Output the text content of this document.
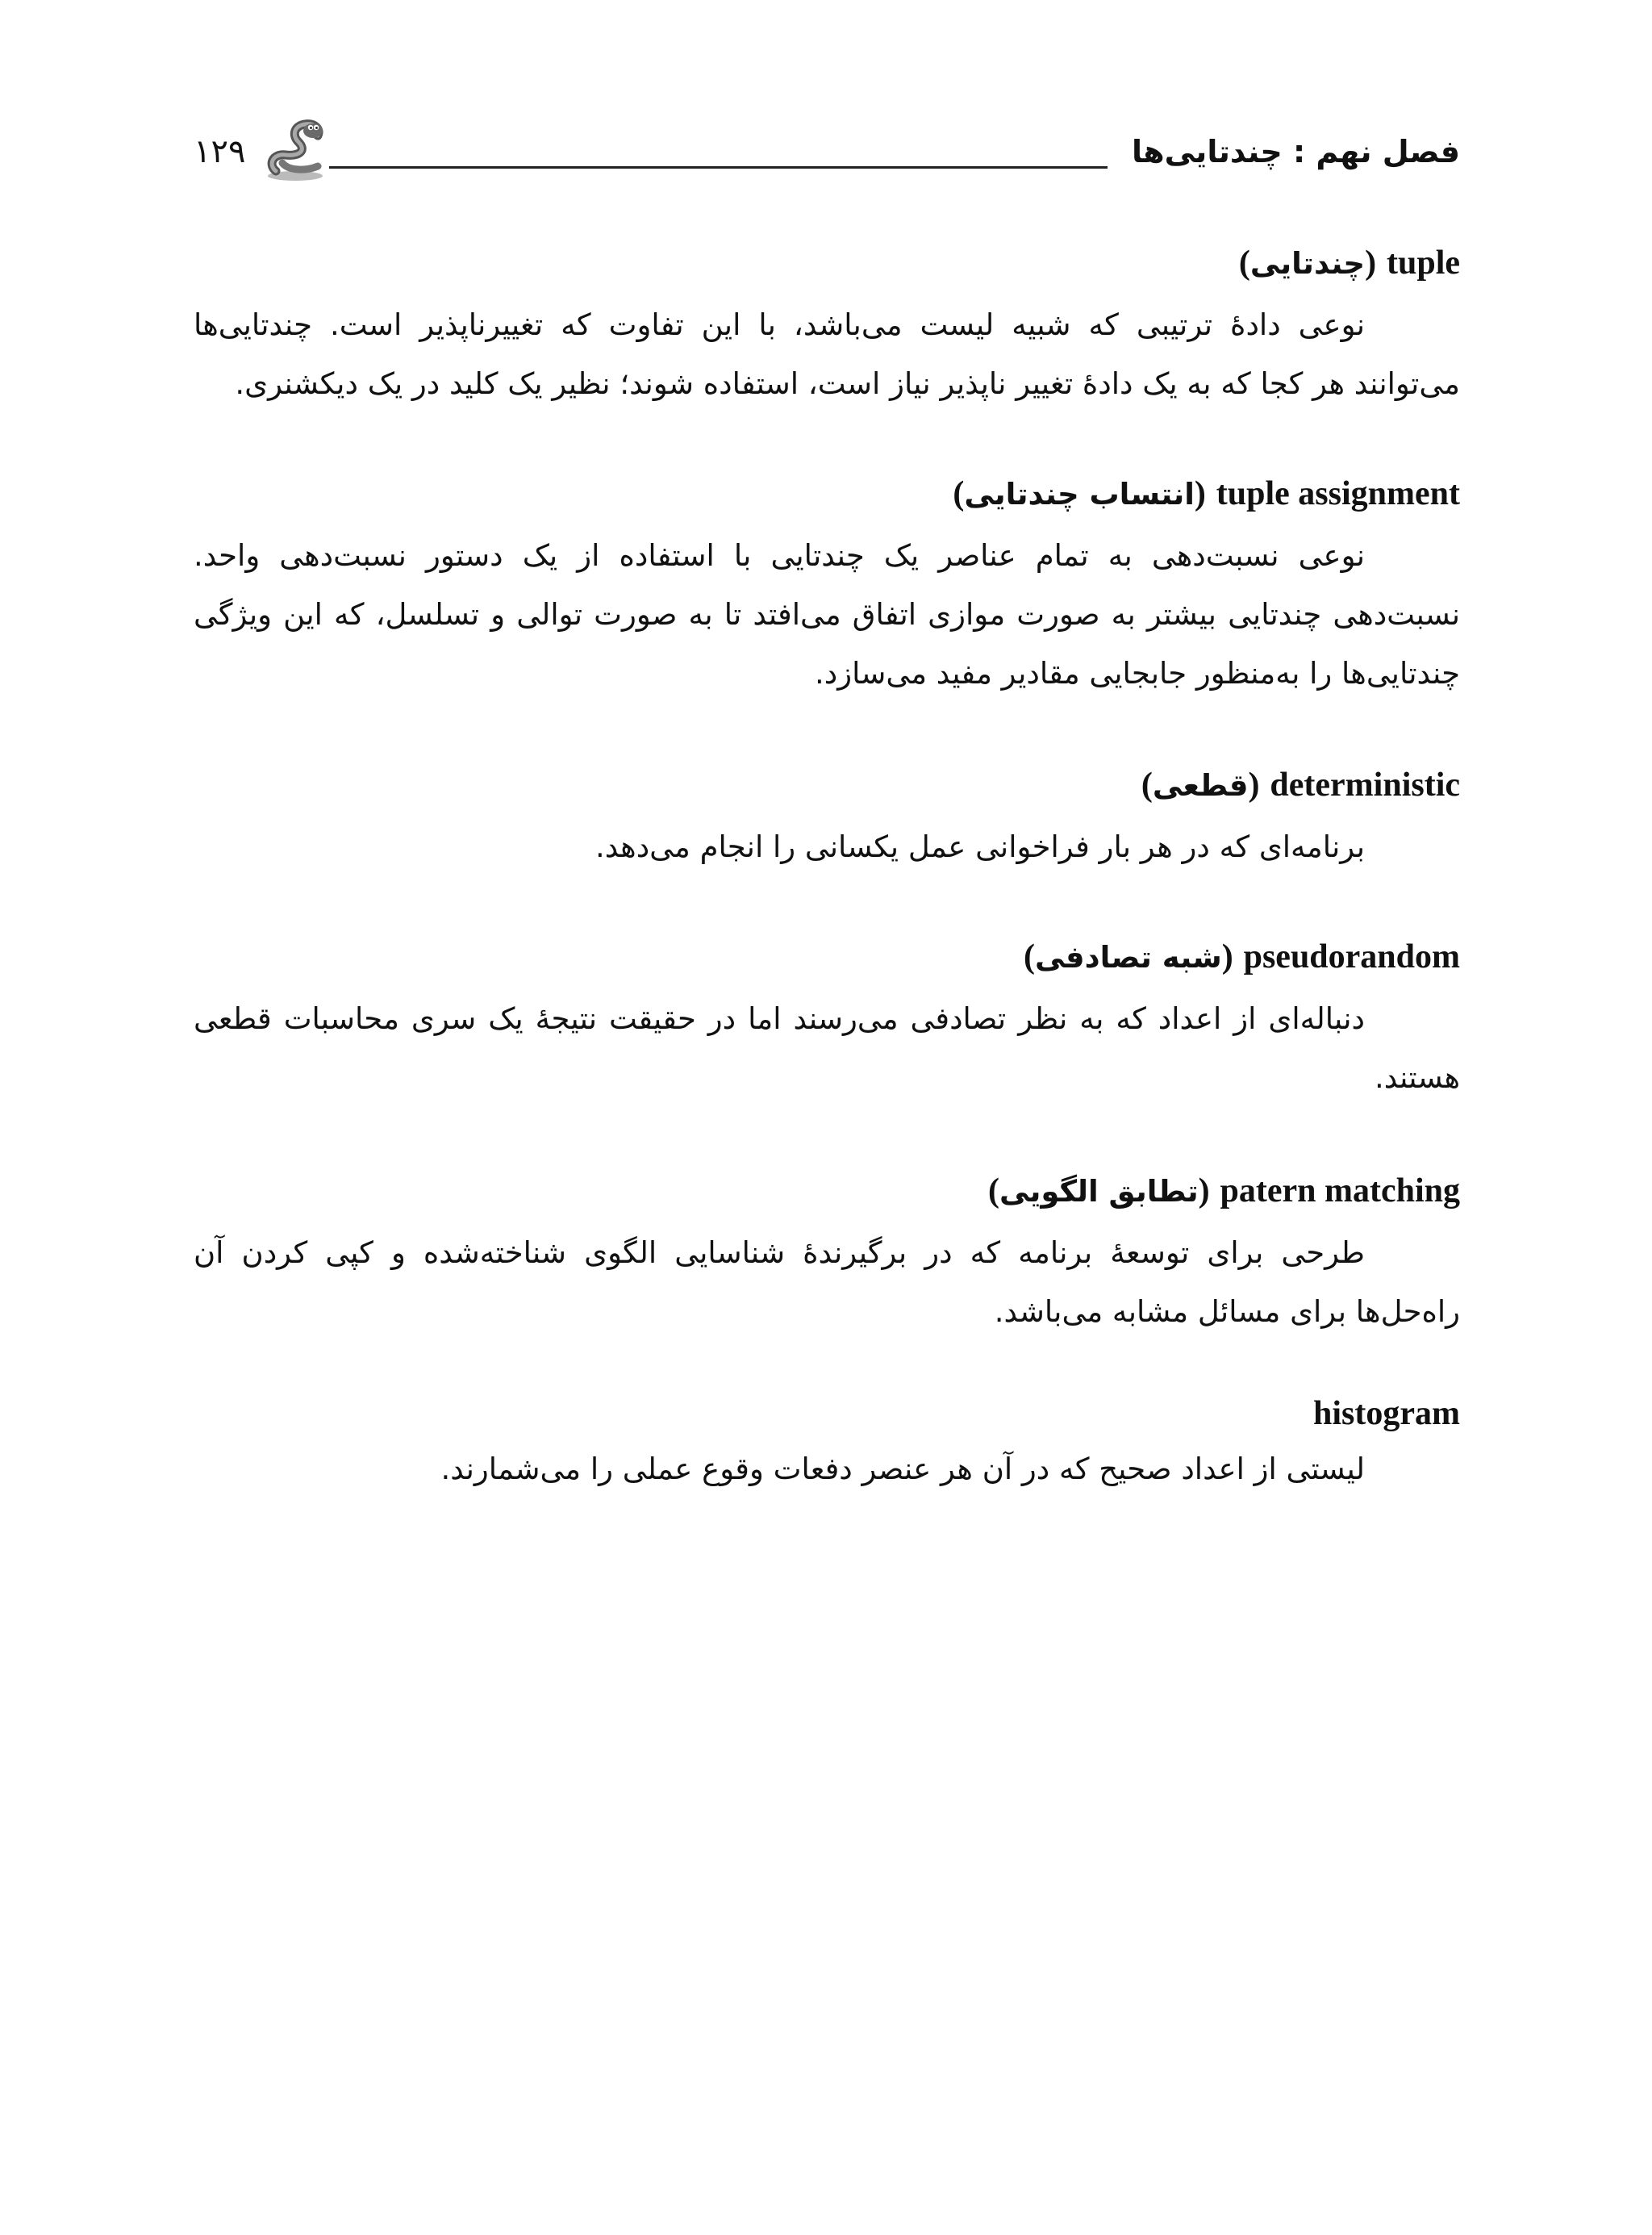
فصل نهم : چندتایی‌ها
۱۲۹
tuple (چندتایی)

نوعی دادهٔ ترتیبی که شبیه لیست می‌باشد، با این تفاوت که تغییرناپذیر است. چندتایی‌ها می‌توانند هر کجا که به یک دادهٔ تغییر ناپذیر نیاز است، استفاده شوند؛ نظیر یک کلید در یک دیکشنری.

tuple assignment (انتساب چندتایی)

نوعی نسبت‌دهی به تمام عناصر یک چندتایی با استفاده از یک دستور نسبت‌دهی واحد. نسبت‌دهی چندتایی بیشتر به صورت موازی اتفاق می‌افتد تا به صورت توالی و تسلسل، که این ویژگی چندتایی‌ها را به‌منظور جابجایی مقادیر مفید می‌سازد.

deterministic (قطعی)

برنامه‌ای که در هر بار فراخوانی عمل یکسانی را انجام می‌دهد.

pseudorandom (شبه تصادفی)

دنباله‌ای از اعداد که به نظر تصادفی می‌رسند اما در حقیقت نتیجهٔ یک سری محاسبات قطعی هستند.

patern matching (تطابق الگویی)

طرحی برای توسعهٔ برنامه که در برگیرندهٔ شناسایی الگوی شناخته‌شده و کپی کردن آن راه‌حل‌ها برای مسائل مشابه می‌باشد.

histogram

لیستی از اعداد صحیح که در آن هر عنصر دفعات وقوع عملی را می‌شمارند.
